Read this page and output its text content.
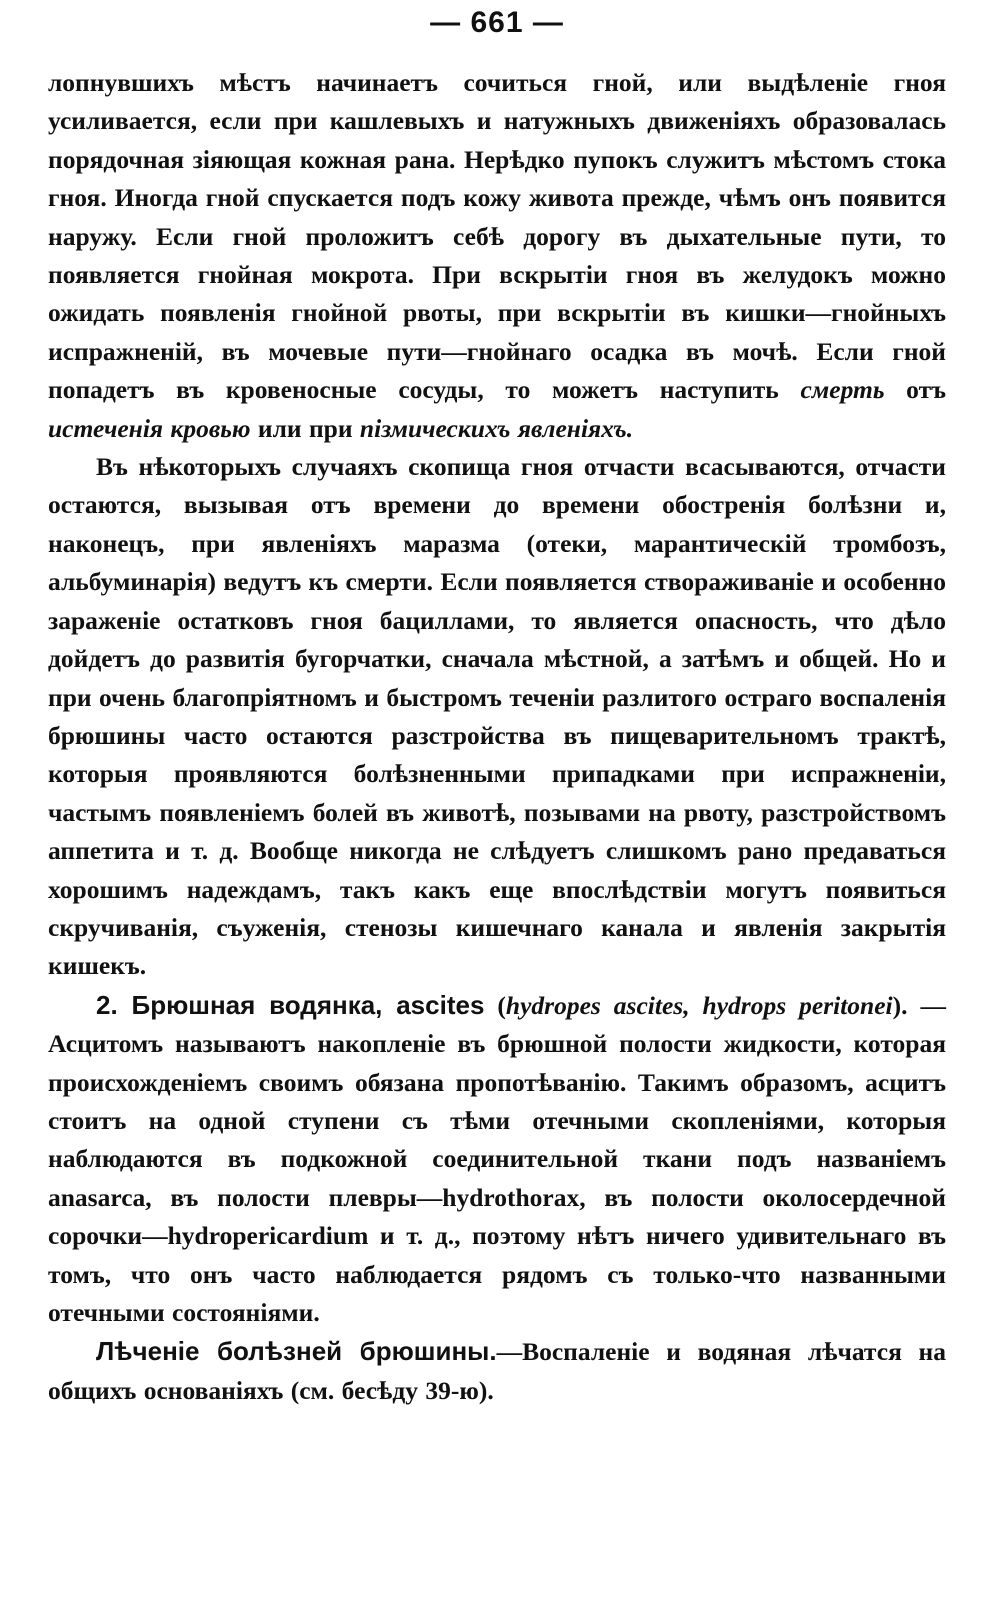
— 661 —

лопнувшихъ мѣстъ начинаетъ сочиться гной, или выдѣленіе гноя усиливается, если при кашлевыхъ и натужныхъ движеніяхъ образовалась порядочная зіяющая кожная рана. Нерѣдко пупокъ служитъ мѣстомъ стока гноя. Иногда гной спускается подъ кожу живота прежде, чѣмъ онъ появится наружу. Если гной проложитъ себѣ дорогу въ дыхательные пути, то появляется гнойная мокрота. При вскрытіи гноя въ желудокъ можно ожидать появленія гнойной рвоты, при вскрытіи въ кишки—гнойныхъ испражненій, въ мочевые пути—гнойнаго осадка въ мочѣ. Если гной попадетъ въ кровеносные сосуды, то можетъ наступить смерть отъ истеченія кровью или при пізмическихъ явленіяхъ.

Въ нѣкоторыхъ случаяхъ скопища гноя отчасти всасываются, отчасти остаются, вызывая отъ времени до времени обостренія болѣзни и, наконецъ, при явленіяхъ маразма (отеки, марантическій тромбозъ, альбуминарія) ведутъ къ смерти. Если появляется створаживаніе и особенно зараженіе остатковъ гноя бациллами, то является опасность, что дѣло дойдетъ до развитія бугорчатки, сначала мѣстной, а затѣмъ и общей. Но и при очень благопріятномъ и быстромъ теченіи разлитого остраго воспаленія брюшины часто остаются разстройства въ пищеварительномъ трактѣ, которыя проявляются болѣзненными припадками при испражненіи, частымъ появленіемъ болей въ животѣ, позывами на рвоту, разстройствомъ аппетита и т. д. Вообще никогда не слѣдуетъ слишкомъ рано предаваться хорошимъ надеждамъ, такъ какъ еще впослѣдствіи могутъ появиться скручиванія, съуженія, стенозы кишечнаго канала и явленія закрытія кишекъ.

2. Брюшная водянка, ascites (hydropes ascites, hydrops peritonei). — Асцитомъ называютъ накопленіе въ брюшной полости жидкости, которая происхожденіемъ своимъ обязана пропотѣванію. Такимъ образомъ, асцитъ стоитъ на одной ступени съ тѣми отечными скопленіями, которыя наблюдаются въ подкожной соединительной ткани подъ названіемъ anasarca, въ полости плевры—hydrothorax, въ полости околосердечной сорочки—hydropericardium и т. д., поэтому нѣтъ ничего удивительнаго въ томъ, что онъ часто наблюдается рядомъ съ только-что названными отечными состояніями.

Лѣченіе болѣзней брюшины.—Воспаленіе и водяная лѣчатся на общихъ основаніяхъ (см. бесѣду 39-ю).
